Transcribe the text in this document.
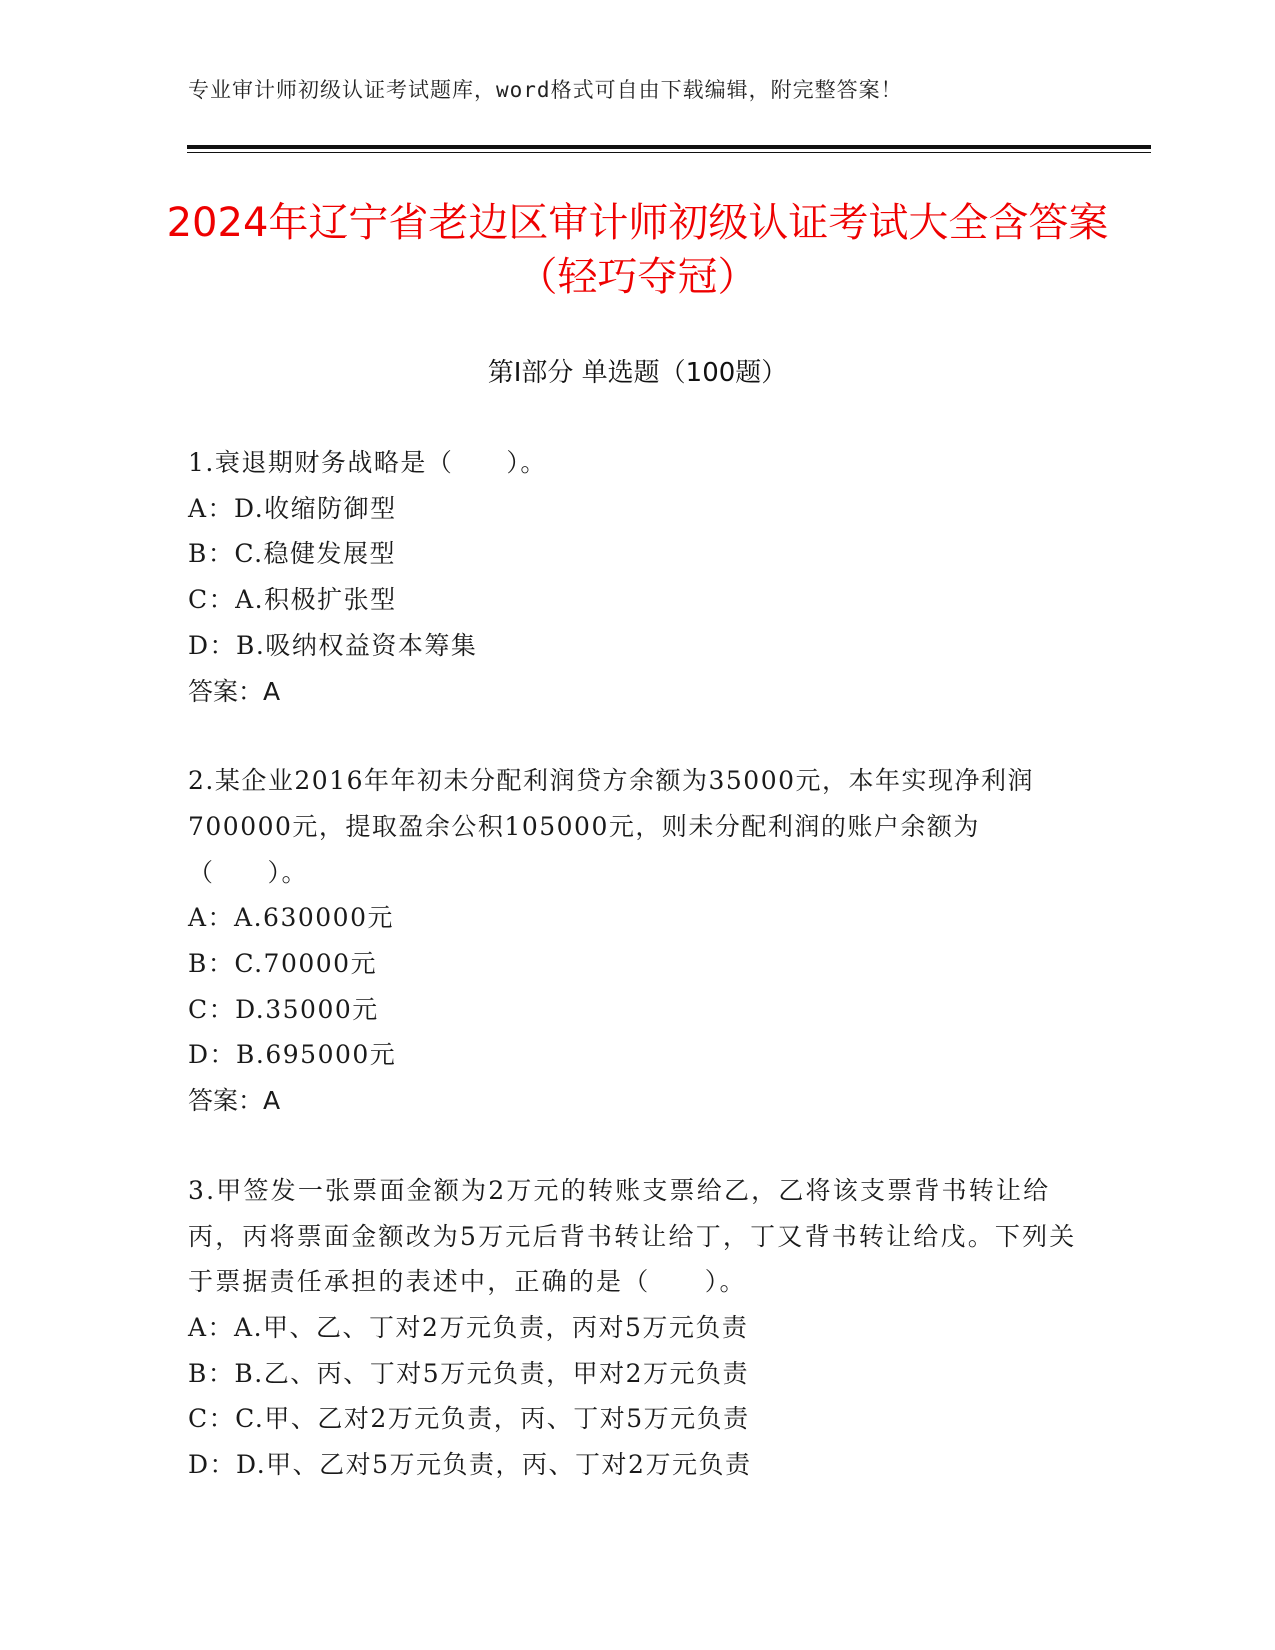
专业审计师初级认证考试题库，word格式可自由下载编辑，附完整答案！
2024年辽宁省老边区审计师初级认证考试大全含答案（轻巧夺冠）
第Ⅰ部分 单选题（100题）
1.衰退期财务战略是（　　）。
A：D.收缩防御型
B：C.稳健发展型
C：A.积极扩张型
D：B.吸纳权益资本筹集
答案：A
2.某企业2016年年初未分配利润贷方余额为35000元，本年实现净利润700000元，提取盈余公积105000元，则未分配利润的账户余额为（　　）。
A：A.630000元
B：C.70000元
C：D.35000元
D：B.695000元
答案：A
3.甲签发一张票面金额为2万元的转账支票给乙，乙将该支票背书转让给丙，丙将票面金额改为5万元后背书转让给丁，丁又背书转让给戊。下列关于票据责任承担的表述中，正确的是（　　）。
A：A.甲、乙、丁对2万元负责，丙对5万元负责
B：B.乙、丙、丁对5万元负责，甲对2万元负责
C：C.甲、乙对2万元负责，丙、丁对5万元负责
D：D.甲、乙对5万元负责，丙、丁对2万元负责
